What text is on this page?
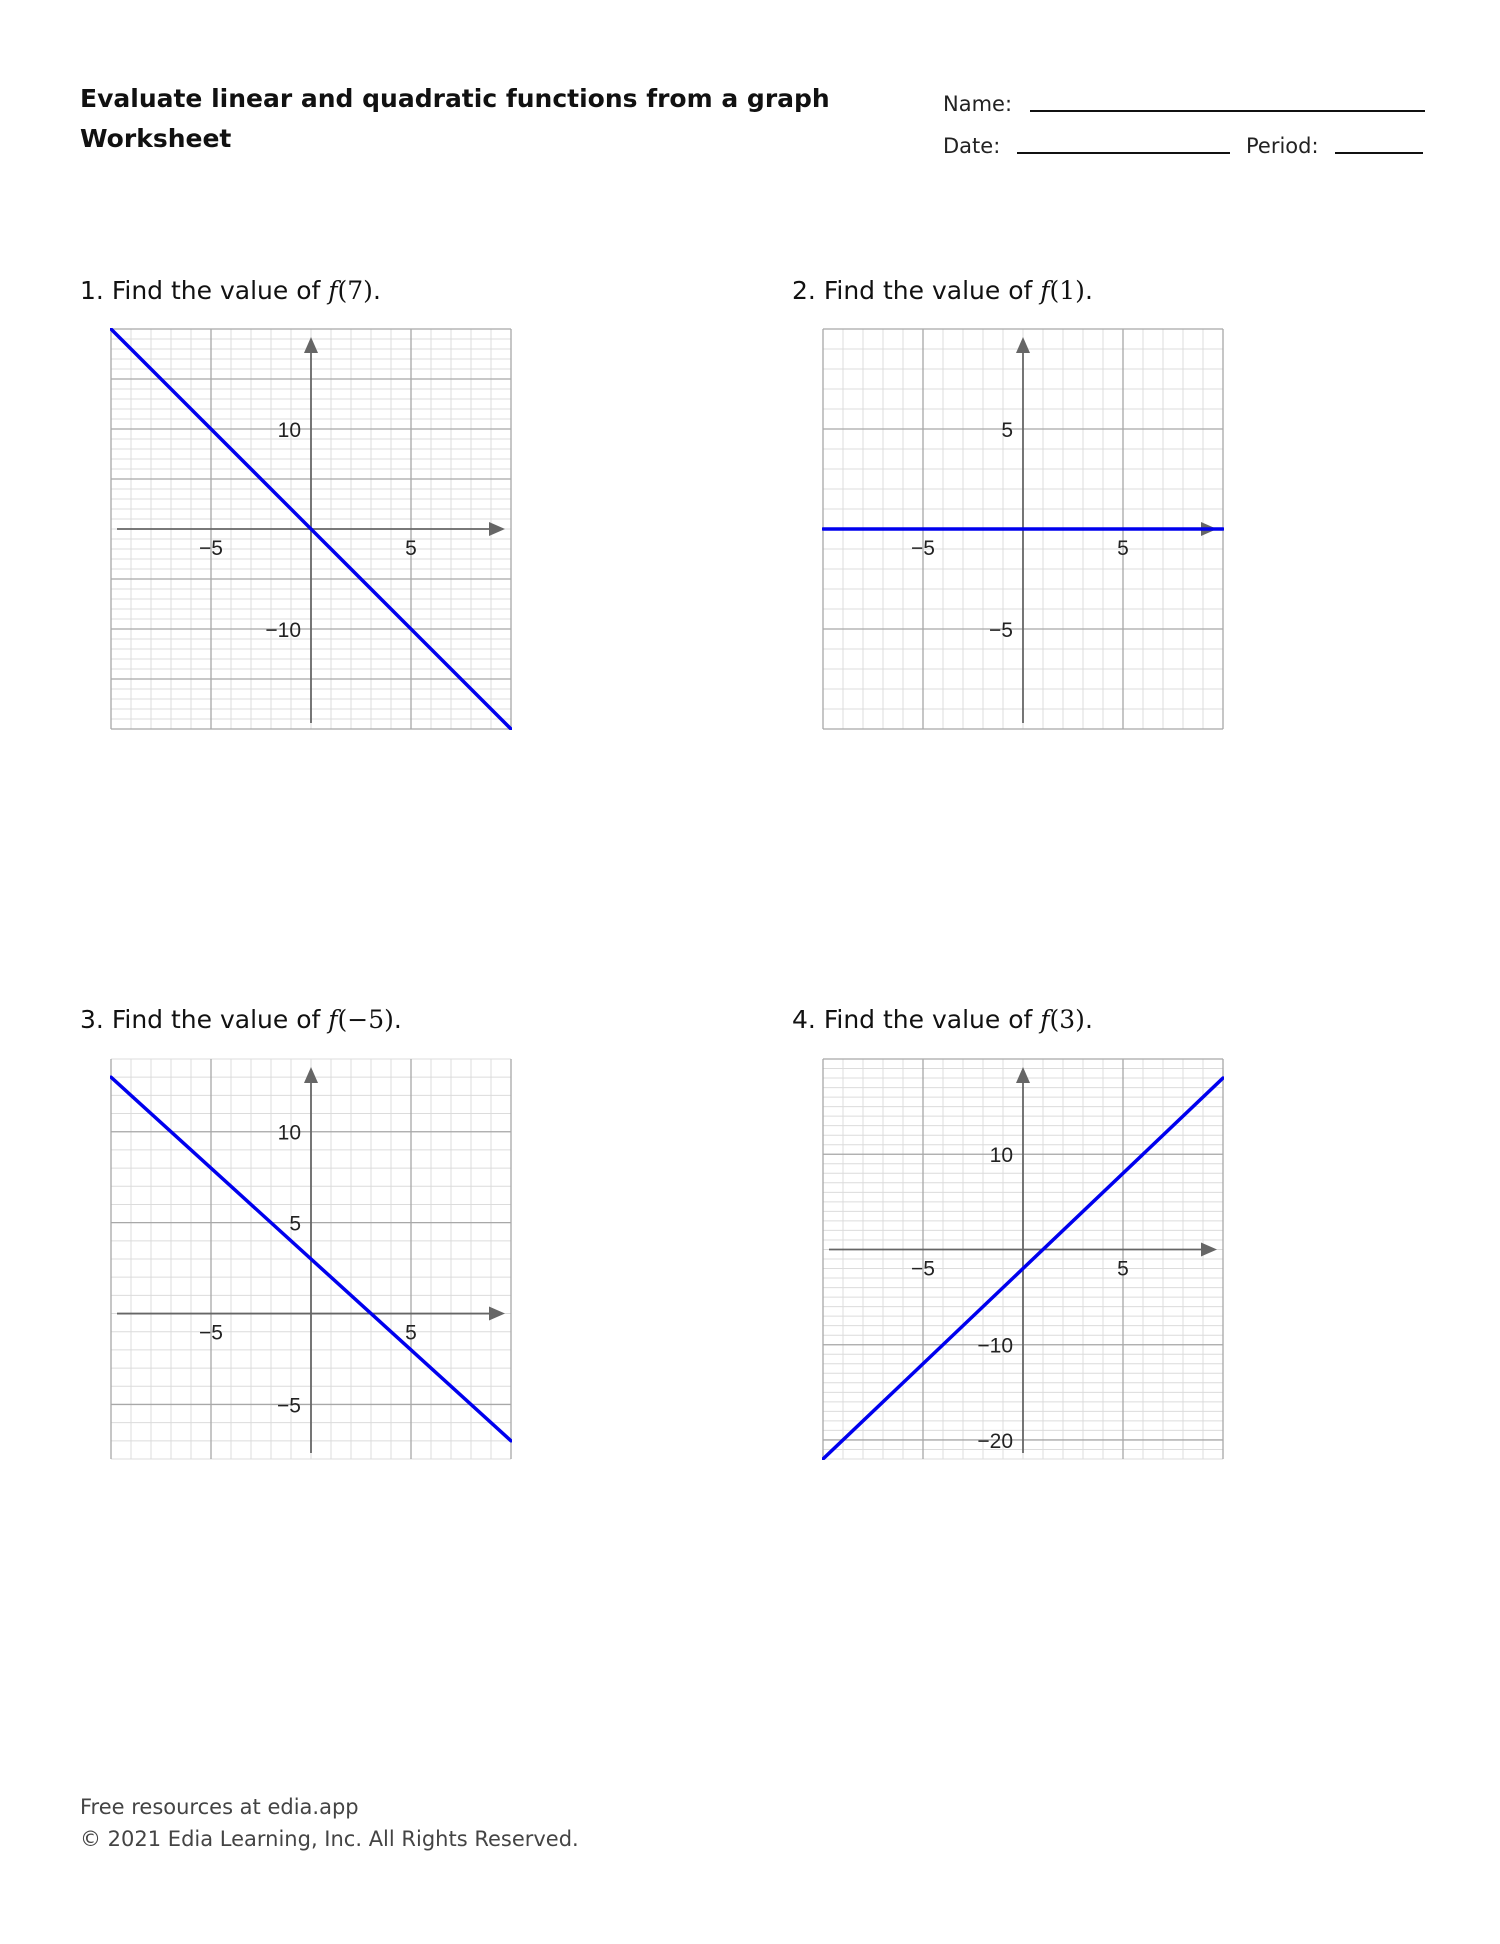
Evaluate linear and quadratic functions from a graph
Worksheet
Name:
Date:	Period:
1. Find the value of f(7).
−5	5
10
−10
2. Find the value of f(1).
−5	5
5
−5
3. Find the value of f(−5).
−5	5
10
5
−5
4. Find the value of f(3).
−5	5
10
−10
−20
Free resources at edia.app
© 2021 Edia Learning, Inc. All Rights Reserved.
